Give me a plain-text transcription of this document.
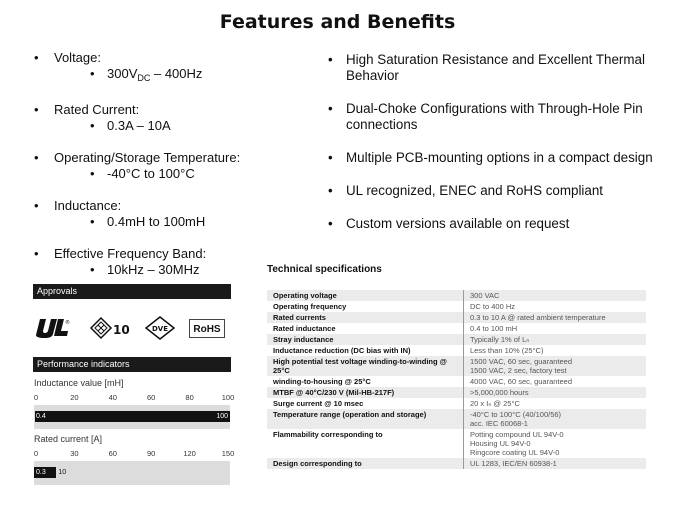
Features and Benefits
• Voltage:
• $300V_{DC} - 400Hz$
• Rated Current:
• 0.3A – 10A
• Operating/Storage Temperature:
• -40°C to 100°C
• Inductance:
• 0.4mH to 100mH
• Effective Frequency Band:
• 10kHz – 30MHz
• High Saturation Resistance and Excellent Thermal Behavior
• Dual-Choke Configurations with Through-Hole Pin connections
• Multiple PCB-mounting options in a compact design
• UL recognized, ENEC and RoHS compliant
• Custom versions available on request
Approvals
®	10	DVE	RoHS
Performance indicators
Inductance value [mH]
0	20	40	60	80	100
0.4	100
Rated current [A]
0	30	60	90	120	150
0.3 10
Technical specifications
Operating voltage	300 VAC
Operating frequency	DC to 400 Hz
Rated currents	0.3 to 10 A @ rated ambient temperature
Rated inductance	0.4 to 100 mH
Stray inductance	Typically 1% of Lₙ
Inductance reduction (DC bias with IN)	Less than 10% (25°C)
High potential test voltage winding-to-winding @ 25°C	1500 VAC, 60 sec, guaranteed
1500 VAC, 2 sec, factory test
winding-to-housing @ 25°C	4000 VAC, 60 sec, guaranteed
MTBF @ 40°C/230 V (Mil-HB-217F)	>5,000,000 hours
Surge current @ 10 msec	20 x Iₙ @ 25°C
Temperature range (operation and storage)	-40°C to 100°C (40/100/56)
acc. IEC 60068-1
Flammability corresponding to	Potting compound UL 94V-0
Housing UL 94V-0
Ringcore coating UL 94V-0
Design corresponding to	UL 1283, IEC/EN 60938-1
